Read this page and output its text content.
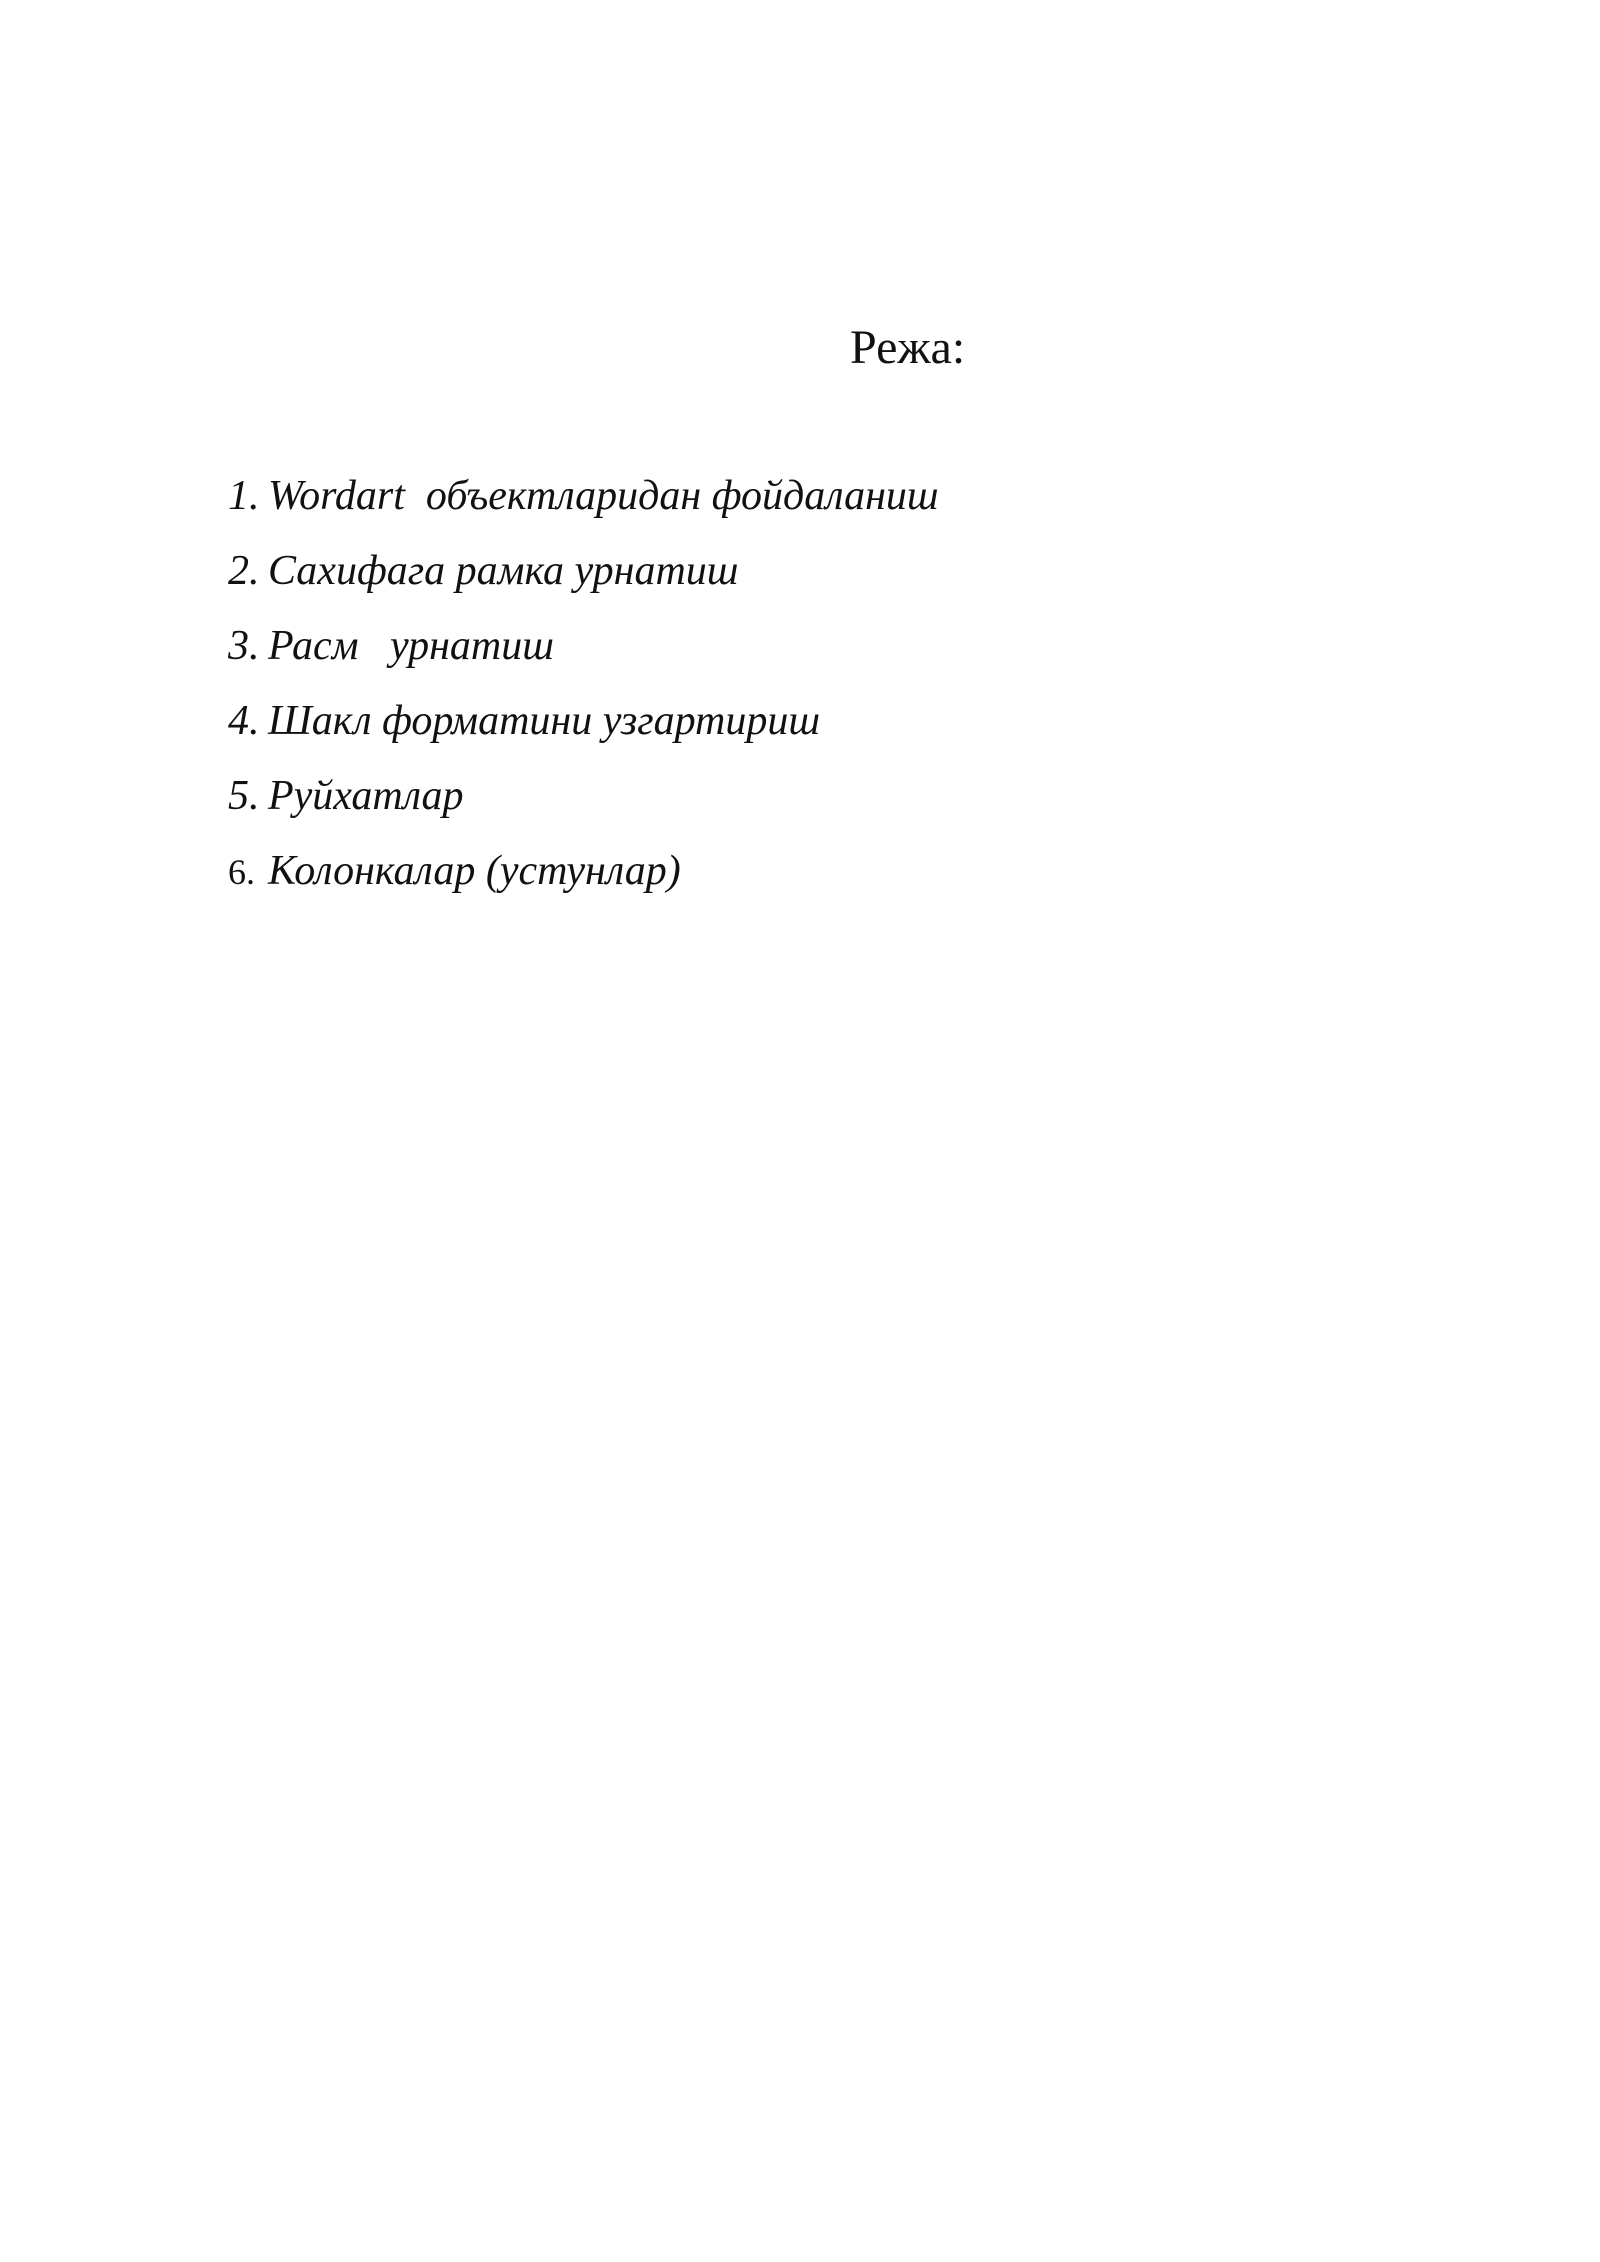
Режа:
1. Wordart  объектларидан фойдаланиш
2. Сахифага рамка урнатиш
3. Расм   урнатиш
4. Шакл форматини узгартириш
5. Руйхатлар
6. Колонкалар (устунлар)
